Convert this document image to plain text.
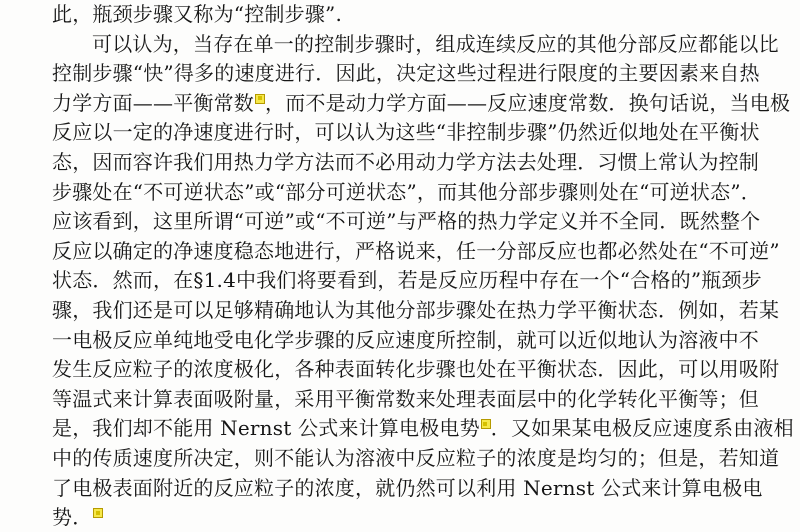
此，瓶颈步骤又称为“控制步骤”.
可以认为，当存在单一的控制步骤时，组成连续反应的其他分部反应都能以比
控制步骤“快”得多的速度进行．因此，决定这些过程进行限度的主要因素来自热
力学方面——平衡常数 ，而不是动力学方面——反应速度常数．换句话说，当电极
反应以一定的净速度进行时，可以认为这些“非控制步骤”仍然近似地处在平衡状
态，因而容许我们用热力学方法而不必用动力学方法去处理．习惯上常认为控制
步骤处在“不可逆状态”或“部分可逆状态”，而其他分部步骤则处在“可逆状态”．
应该看到，这里所谓“可逆”或“不可逆”与严格的热力学定义并不全同．既然整个
反应以确定的净速度稳态地进行，严格说来，任一分部反应也都必然处在“不可逆”
状态．然而，在§1.4中我们将要看到，若是反应历程中存在一个“合格的”瓶颈步
骤，我们还是可以足够精确地认为其他分部步骤处在热力学平衡状态．例如，若某
一电极反应单纯地受电化学步骤的反应速度所控制，就可以近似地认为溶液中不
发生反应粒子的浓度极化，各种表面转化步骤也处在平衡状态．因此，可以用吸附
等温式来计算表面吸附量，采用平衡常数来处理表面层中的化学转化平衡等；但
是，我们却不能用 Nernst 公式来计算电极电势 ．又如果某电极反应速度系由液相
中的传质速度所决定，则不能认为溶液中反应粒子的浓度是均匀的；但是，若知道
了电极表面附近的反应粒子的浓度，就仍然可以利用 Nernst 公式来计算电极电
势．
